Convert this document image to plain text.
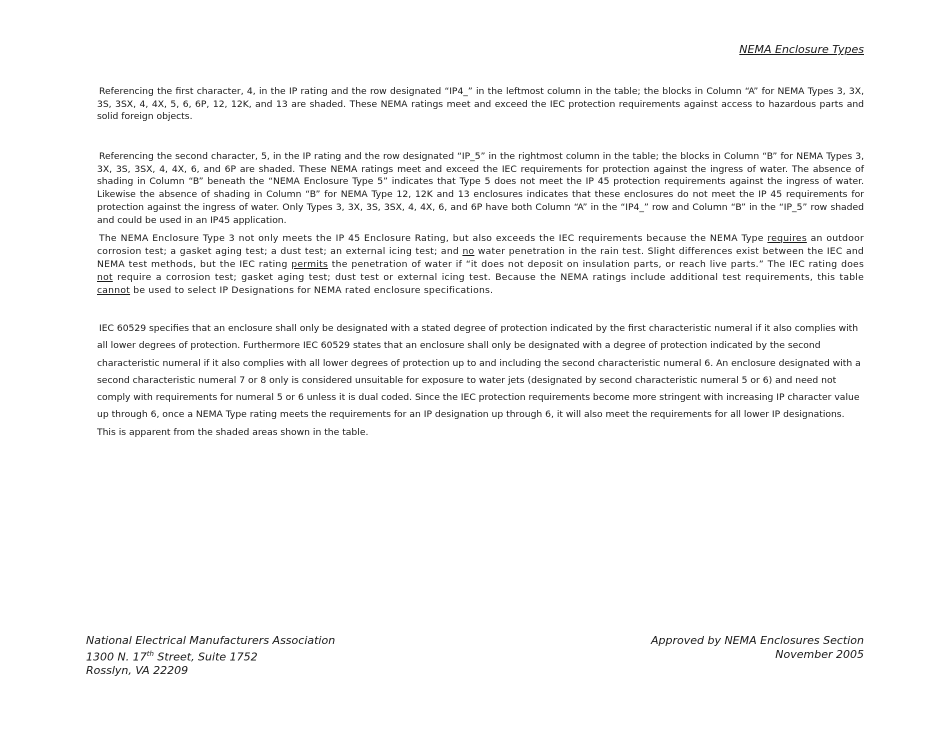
NEMA Enclosure Types

Referencing the first character, 4, in the IP rating and the row designated “IP4_” in the leftmost column in the table; the blocks in Column “A” for NEMA Types 3, 3X, 3S, 3SX, 4, 4X, 5, 6, 6P, 12, 12K, and 13 are shaded. These NEMA ratings meet and exceed the IEC protection requirements against access to hazardous parts and solid foreign objects.

Referencing the second character, 5, in the IP rating and the row designated “IP_5” in the rightmost column in the table; the blocks in Column “B” for NEMA Types 3, 3X, 3S, 3SX, 4, 4X, 6, and 6P are shaded. These NEMA ratings meet and exceed the IEC requirements for protection against the ingress of water. The absence of shading in Column “B” beneath the “NEMA Enclosure Type 5” indicates that Type 5 does not meet the IP 45 protection requirements against the ingress of water. Likewise the absence of shading in Column “B” for NEMA Type 12, 12K and 13 enclosures indicates that these enclosures do not meet the IP 45 requirements for protection against the ingress of water. Only Types 3, 3X, 3S, 3SX, 4, 4X, 6, and 6P have both Column “A” in the “IP4_” row and Column “B” in the “IP_5” row shaded and could be used in an IP45 application.

The NEMA Enclosure Type 3 not only meets the IP 45 Enclosure Rating, but also exceeds the IEC requirements because the NEMA Type requires an outdoor corrosion test; a gasket aging test; a dust test; an external icing test; and no water penetration in the rain test. Slight differences exist between the IEC and NEMA test methods, but the IEC rating permits the penetration of water if “it does not deposit on insulation parts, or reach live parts.” The IEC rating does not require a corrosion test; gasket aging test; dust test or external icing test. Because the NEMA ratings include additional test requirements, this table cannot be used to select IP Designations for NEMA rated enclosure specifications.

IEC 60529 specifies that an enclosure shall only be designated with a stated degree of protection indicated by the first characteristic numeral if it also complies with all lower degrees of protection. Furthermore IEC 60529 states that an enclosure shall only be designated with a degree of protection indicated by the second characteristic numeral if it also complies with all lower degrees of protection up to and including the second characteristic numeral 6. An enclosure designated with a second characteristic numeral 7 or 8 only is considered unsuitable for exposure to water jets (designated by second characteristic numeral 5 or 6) and need not comply with requirements for numeral 5 or 6 unless it is dual coded. Since the IEC protection requirements become more stringent with increasing IP character value up through 6, once a NEMA Type rating meets the requirements for an IP designation up through 6, it will also meet the requirements for all lower IP designations. This is apparent from the shaded areas shown in the table.

National Electrical Manufacturers Association
1300 N. 17th Street, Suite 1752
Rosslyn, VA 22209
Approved by NEMA Enclosures Section
November 2005
